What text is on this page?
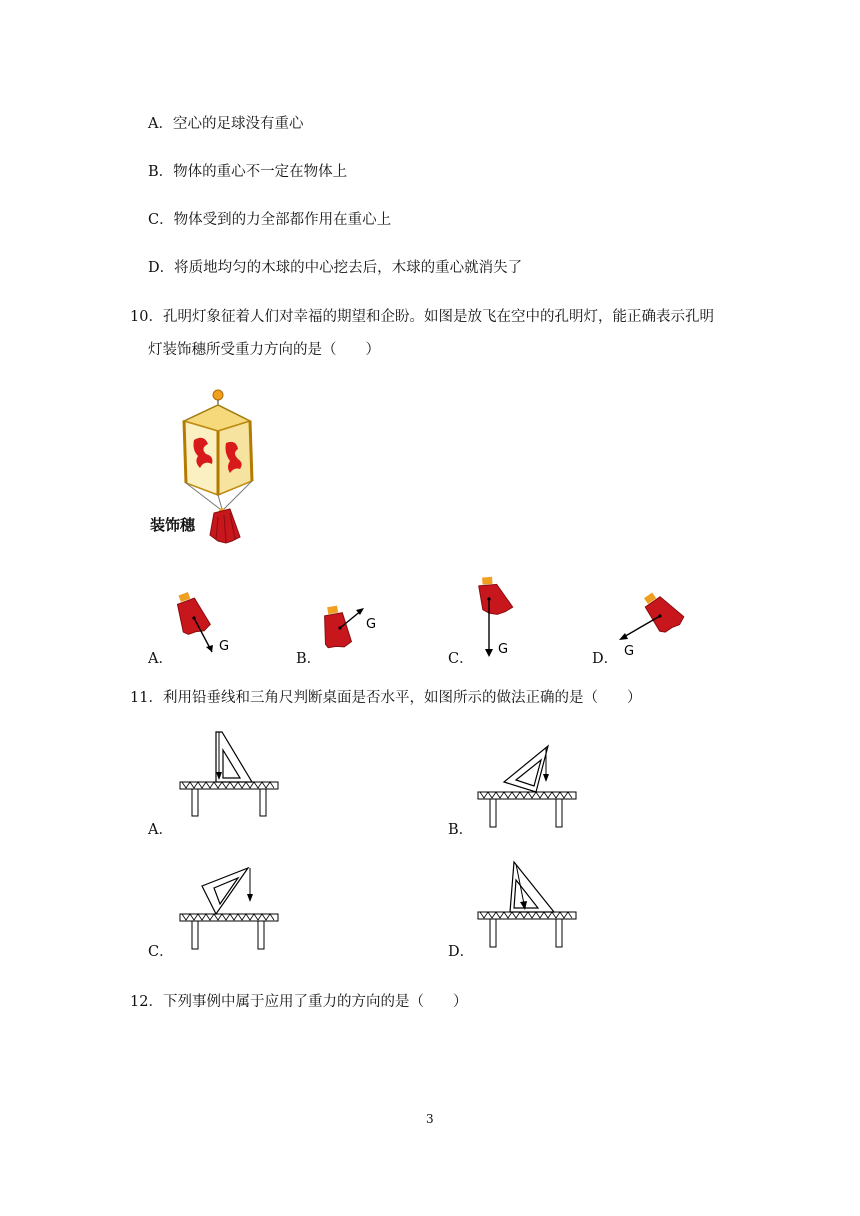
A．空心的足球没有重心
B．物体的重心不一定在物体上
C．物体受到的力全部都作用在重心上
D．将质地均匀的木球的中心挖去后，木球的重心就消失了
10．孔明灯象征着人们对幸福的期望和企盼。如图是放飞在空中的孔明灯，能正确表示孔明
灯装饰穗所受重力方向的是（　　）
装饰穗
G
A．
G
B．
G
C．	G
D．
11．利用铅垂线和三角尺判断桌面是否水平，如图所示的做法正确的是（　　）
A．	B．
C．	D．
12．下列事例中属于应用了重力的方向的是（　　）
3
